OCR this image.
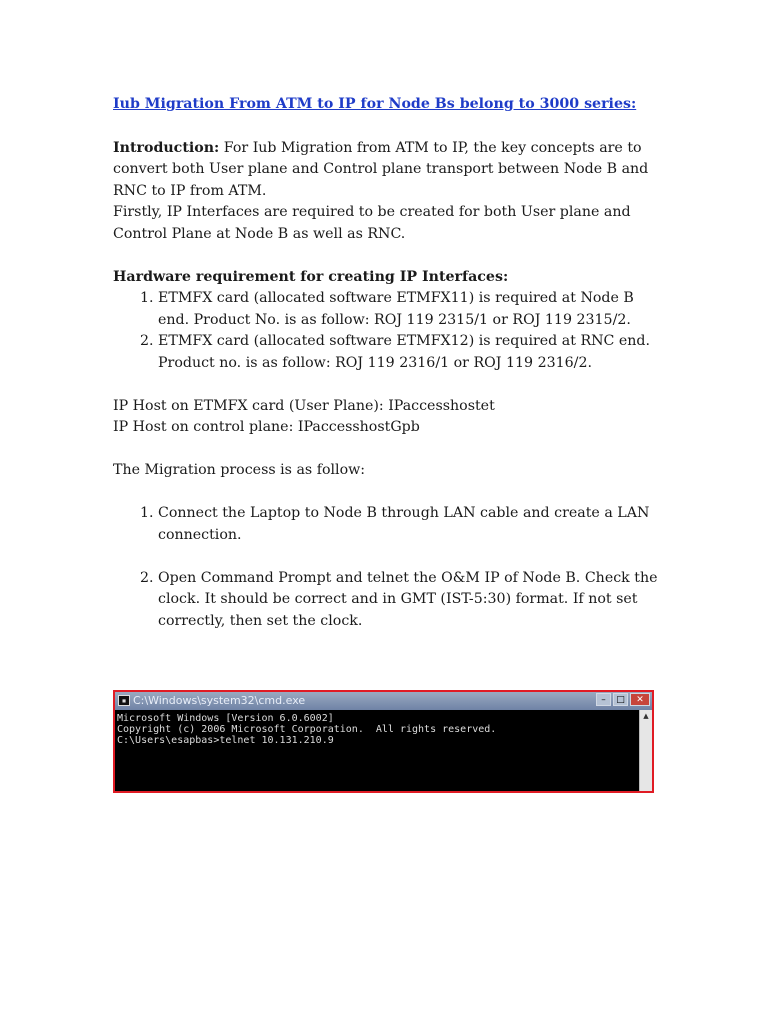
Iub Migration From ATM to IP for Node Bs belong to 3000 series:

Introduction: For Iub Migration from ATM to IP, the key concepts are to convert both User plane and Control plane transport between Node B and RNC to IP from ATM.

Firstly, IP Interfaces are required to be created for both User plane and Control Plane at Node B as well as RNC.

Hardware requirement for creating IP Interfaces:

1. ETMFX card (allocated software ETMFX11) is required at Node B end. Product No. is as follow: ROJ 119 2315/1 or ROJ 119 2315/2.
2. ETMFX card (allocated software ETMFX12) is required at RNC end. Product no. is as follow: ROJ 119 2316/1 or ROJ 119 2316/2.

IP Host on ETMFX card (User Plane): IPaccesshostet

IP Host on control plane: IPaccesshostGpb

The Migration process is as follow:

1. Connect the Laptop to Node B through LAN cable and create a LAN connection.
2. Open Command Prompt and telnet the O&M IP of Node B. Check the clock. It should be correct and in GMT (IST-5:30) format. If not set correctly, then set the clock.
▪ C:\Windows\system32\cmd.exe	–	□	✕
Microsoft Windows [Version 6.0.6002]
Copyright (c) 2006 Microsoft Corporation.  All rights reserved.
C:\Users\esapbas>telnet 10.131.210.9
▲
